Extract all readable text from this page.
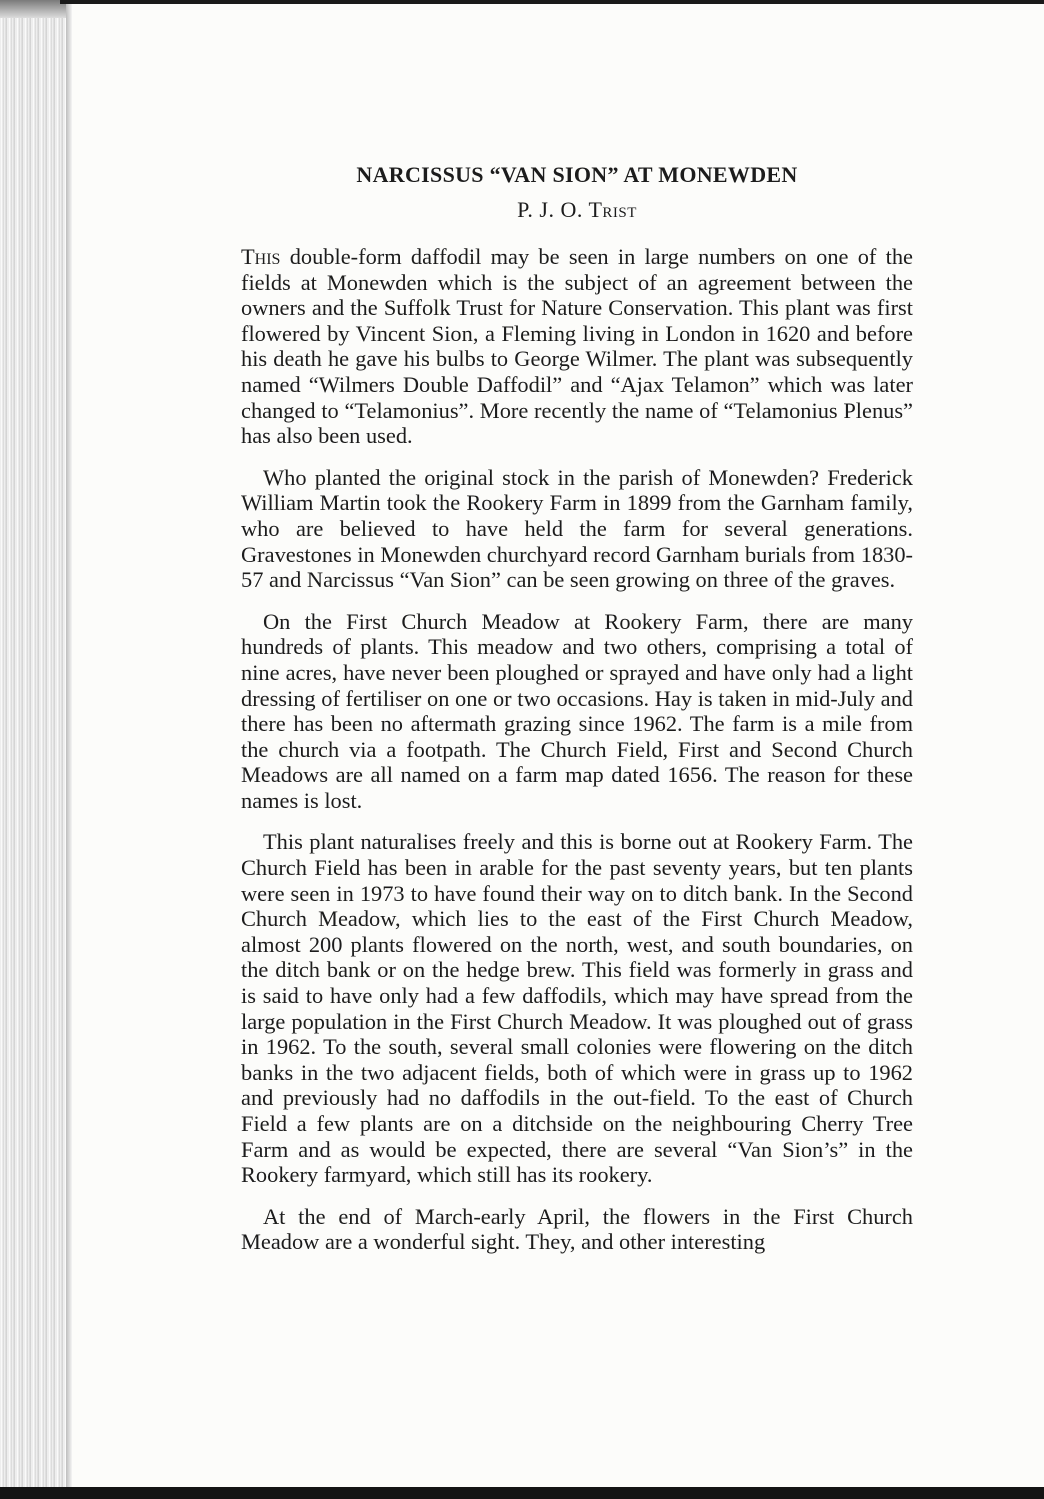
NARCISSUS “VAN SION” AT MONEWDEN

P. J. O. Trist

This double-form daffodil may be seen in large numbers on one of the fields at Monewden which is the subject of an agreement between the owners and the Suffolk Trust for Nature Conservation. This plant was first flowered by Vincent Sion, a Fleming living in London in 1620 and before his death he gave his bulbs to George Wilmer. The plant was subsequently named “Wilmers Double Daffodil” and “Ajax Telamon” which was later changed to “Telamonius”. More recently the name of “Telamonius Plenus” has also been used.

Who planted the original stock in the parish of Monewden? Frederick William Martin took the Rookery Farm in 1899 from the Garnham family, who are believed to have held the farm for several generations. Gravestones in Monewden churchyard record Garnham burials from 1830-57 and Narcissus “Van Sion” can be seen growing on three of the graves.

On the First Church Meadow at Rookery Farm, there are many hundreds of plants. This meadow and two others, comprising a total of nine acres, have never been ploughed or sprayed and have only had a light dressing of fertiliser on one or two occasions. Hay is taken in mid-July and there has been no aftermath grazing since 1962. The farm is a mile from the church via a footpath. The Church Field, First and Second Church Meadows are all named on a farm map dated 1656. The reason for these names is lost.

This plant naturalises freely and this is borne out at Rookery Farm. The Church Field has been in arable for the past seventy years, but ten plants were seen in 1973 to have found their way on to ditch bank. In the Second Church Meadow, which lies to the east of the First Church Meadow, almost 200 plants flowered on the north, west, and south boundaries, on the ditch bank or on the hedge brew. This field was formerly in grass and is said to have only had a few daffodils, which may have spread from the large population in the First Church Meadow. It was ploughed out of grass in 1962. To the south, several small colonies were flowering on the ditch banks in the two adjacent fields, both of which were in grass up to 1962 and previously had no daffodils in the out-field. To the east of Church Field a few plants are on a ditchside on the neighbouring Cherry Tree Farm and as would be expected, there are several “Van Sion’s” in the Rookery farmyard, which still has its rookery.

At the end of March-early April, the flowers in the First Church Meadow are a wonderful sight. They, and other interesting
